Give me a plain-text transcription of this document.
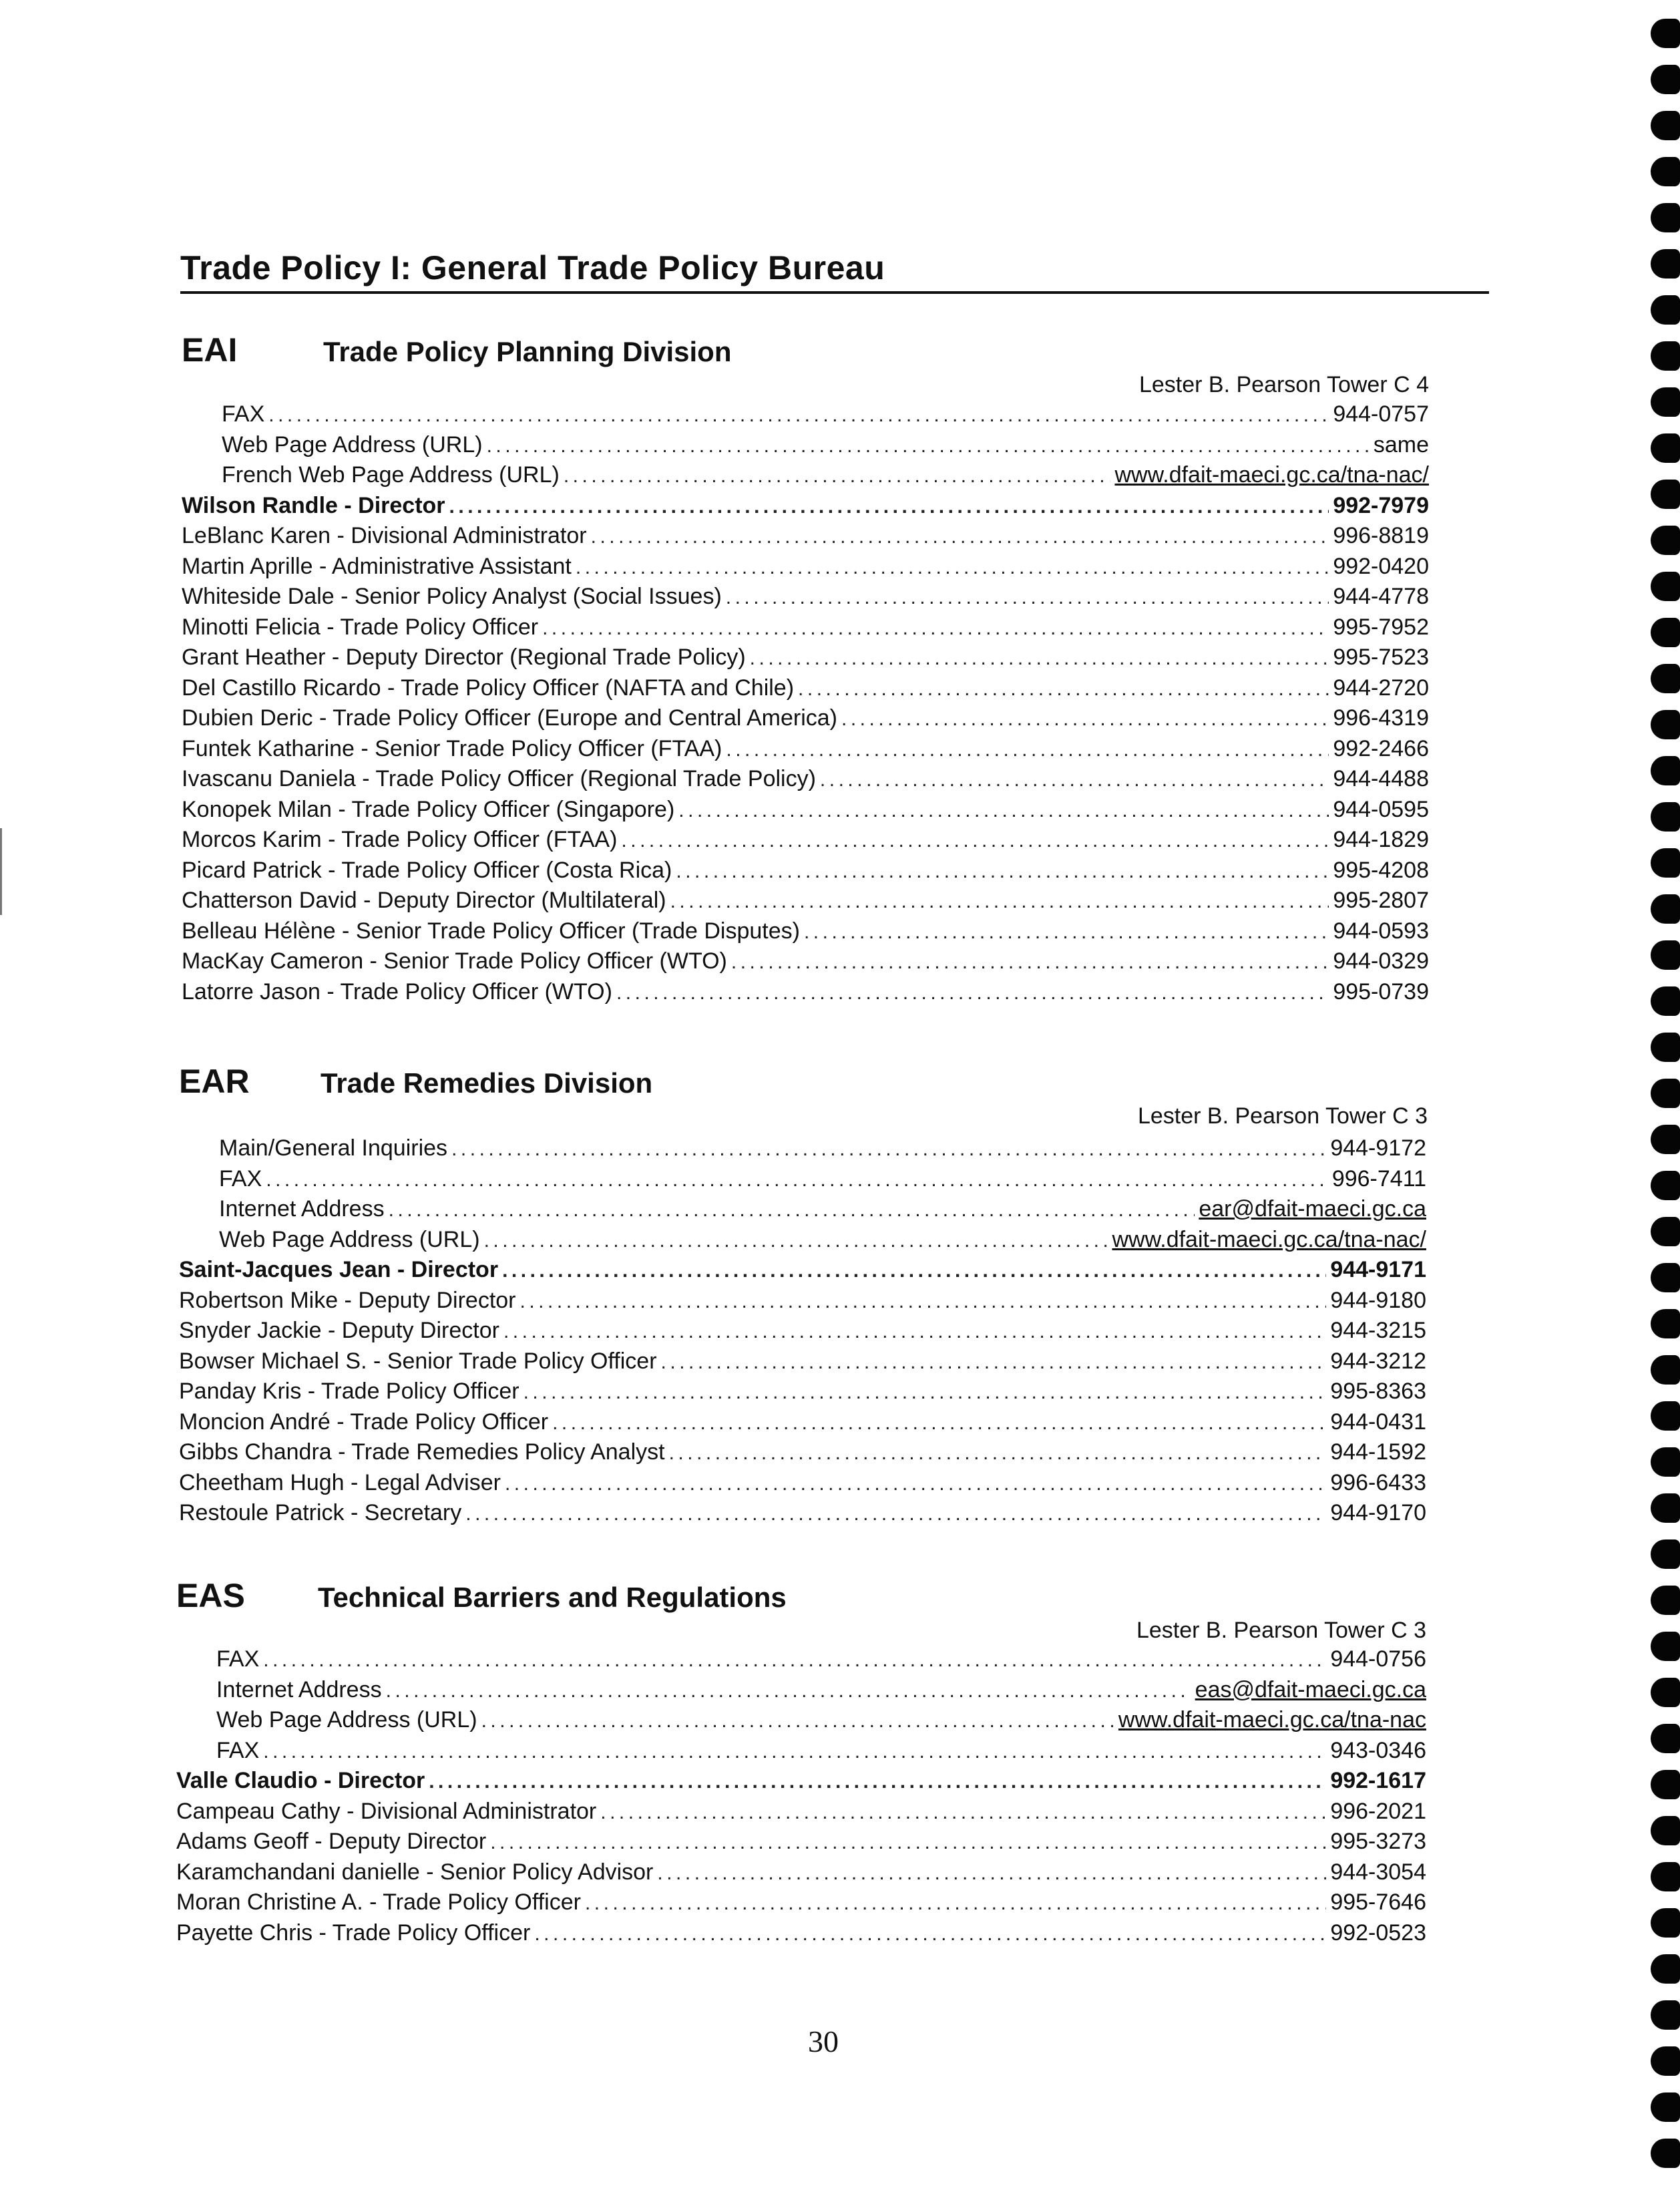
Trade Policy I: General Trade Policy Bureau
EAI	Trade Policy Planning Division
Lester B. Pearson Tower C 4
FAX .....	944-0757
Web Page Address (URL) .....	same
French Web Page Address (URL) .....	www.dfait-maeci.gc.ca/tna-nac/
Wilson Randle - Director .....	992-7979
LeBlanc Karen - Divisional Administrator .....	996-8819
Martin Aprille - Administrative Assistant .....	992-0420
Whiteside Dale - Senior Policy Analyst (Social Issues) .....	944-4778
Minotti Felicia - Trade Policy Officer .....	995-7952
Grant Heather - Deputy Director (Regional Trade Policy) .....	995-7523
Del Castillo Ricardo - Trade Policy Officer (NAFTA and Chile) .....	944-2720
Dubien Deric - Trade Policy Officer (Europe and Central America) .....	996-4319
Funtek Katharine - Senior Trade Policy Officer (FTAA) .....	992-2466
Ivascanu Daniela - Trade Policy Officer (Regional Trade Policy) .....	944-4488
Konopek Milan - Trade Policy Officer (Singapore) .....	944-0595
Morcos Karim - Trade Policy Officer (FTAA) .....	944-1829
Picard Patrick - Trade Policy Officer (Costa Rica) .....	995-4208
Chatterson David - Deputy Director (Multilateral) .....	995-2807
Belleau Hélène - Senior Trade Policy Officer (Trade Disputes) .....	944-0593
MacKay Cameron - Senior Trade Policy Officer (WTO) .....	944-0329
Latorre Jason - Trade Policy Officer (WTO) .....	995-0739
EAR	Trade Remedies Division
Lester B. Pearson Tower C 3
Main/General Inquiries .....	944-9172
FAX .....	996-7411
Internet Address .....	ear@dfait-maeci.gc.ca
Web Page Address (URL) .....	www.dfait-maeci.gc.ca/tna-nac/
Saint-Jacques Jean - Director .....	944-9171
Robertson Mike - Deputy Director .....	944-9180
Snyder Jackie - Deputy Director .....	944-3215
Bowser Michael S. - Senior Trade Policy Officer .....	944-3212
Panday Kris - Trade Policy Officer .....	995-8363
Moncion André - Trade Policy Officer .....	944-0431
Gibbs Chandra - Trade Remedies Policy Analyst .....	944-1592
Cheetham Hugh - Legal Adviser .....	996-6433
Restoule Patrick - Secretary .....	944-9170
EAS	Technical Barriers and Regulations
Lester B. Pearson Tower C 3
FAX .....	944-0756
Internet Address .....	eas@dfait-maeci.gc.ca
Web Page Address (URL) .....	www.dfait-maeci.gc.ca/tna-nac
FAX .....	943-0346
Valle Claudio - Director .....	992-1617
Campeau Cathy - Divisional Administrator .....	996-2021
Adams Geoff - Deputy Director .....	995-3273
Karamchandani danielle - Senior Policy Advisor .....	944-3054
Moran Christine A. - Trade Policy Officer .....	995-7646
Payette Chris - Trade Policy Officer .....	992-0523
30
